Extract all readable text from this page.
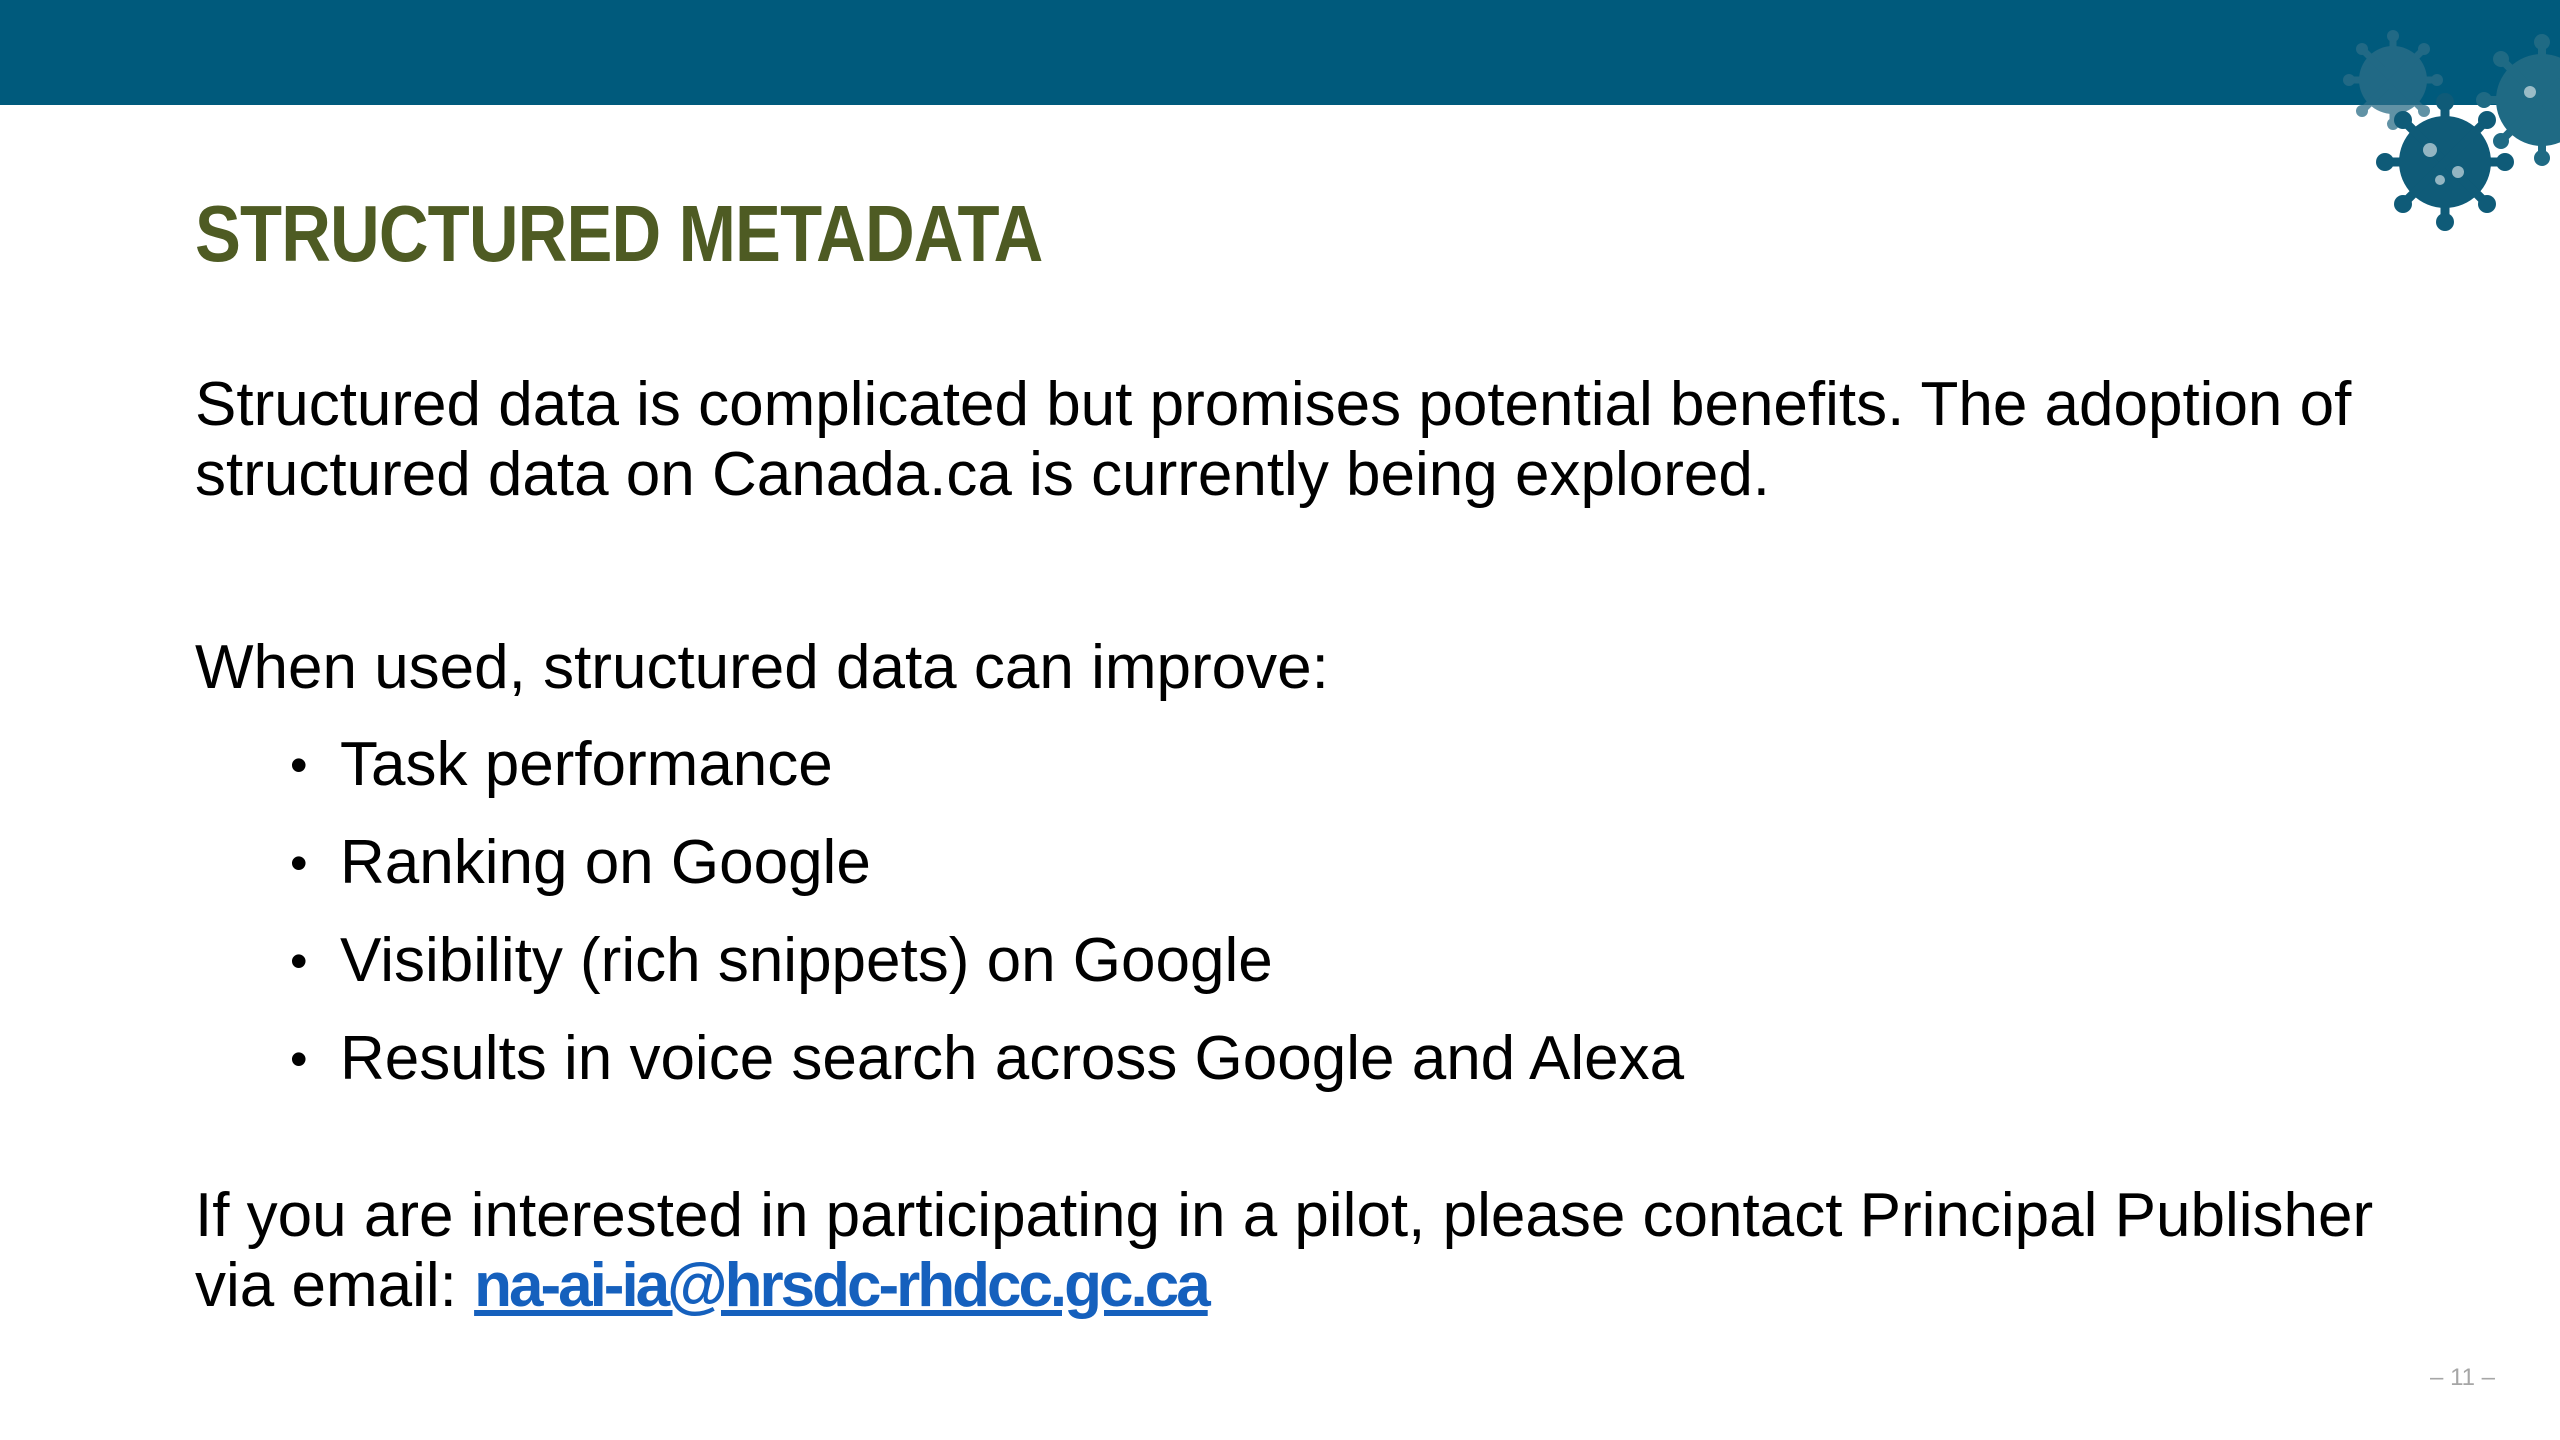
STRUCTURED METADATA

Structured data is complicated but promises potential benefits. The adoption of
structured data on Canada.ca is currently being explored.

When used, structured data can improve:

• Task performance
• Ranking on Google
• Visibility (rich snippets) on Google
• Results in voice search across Google and Alexa

If you are interested in participating in a pilot, please contact Principal Publisher
via email: na-ai-ia@hrsdc-rhdcc.gc.ca

– 11 –
